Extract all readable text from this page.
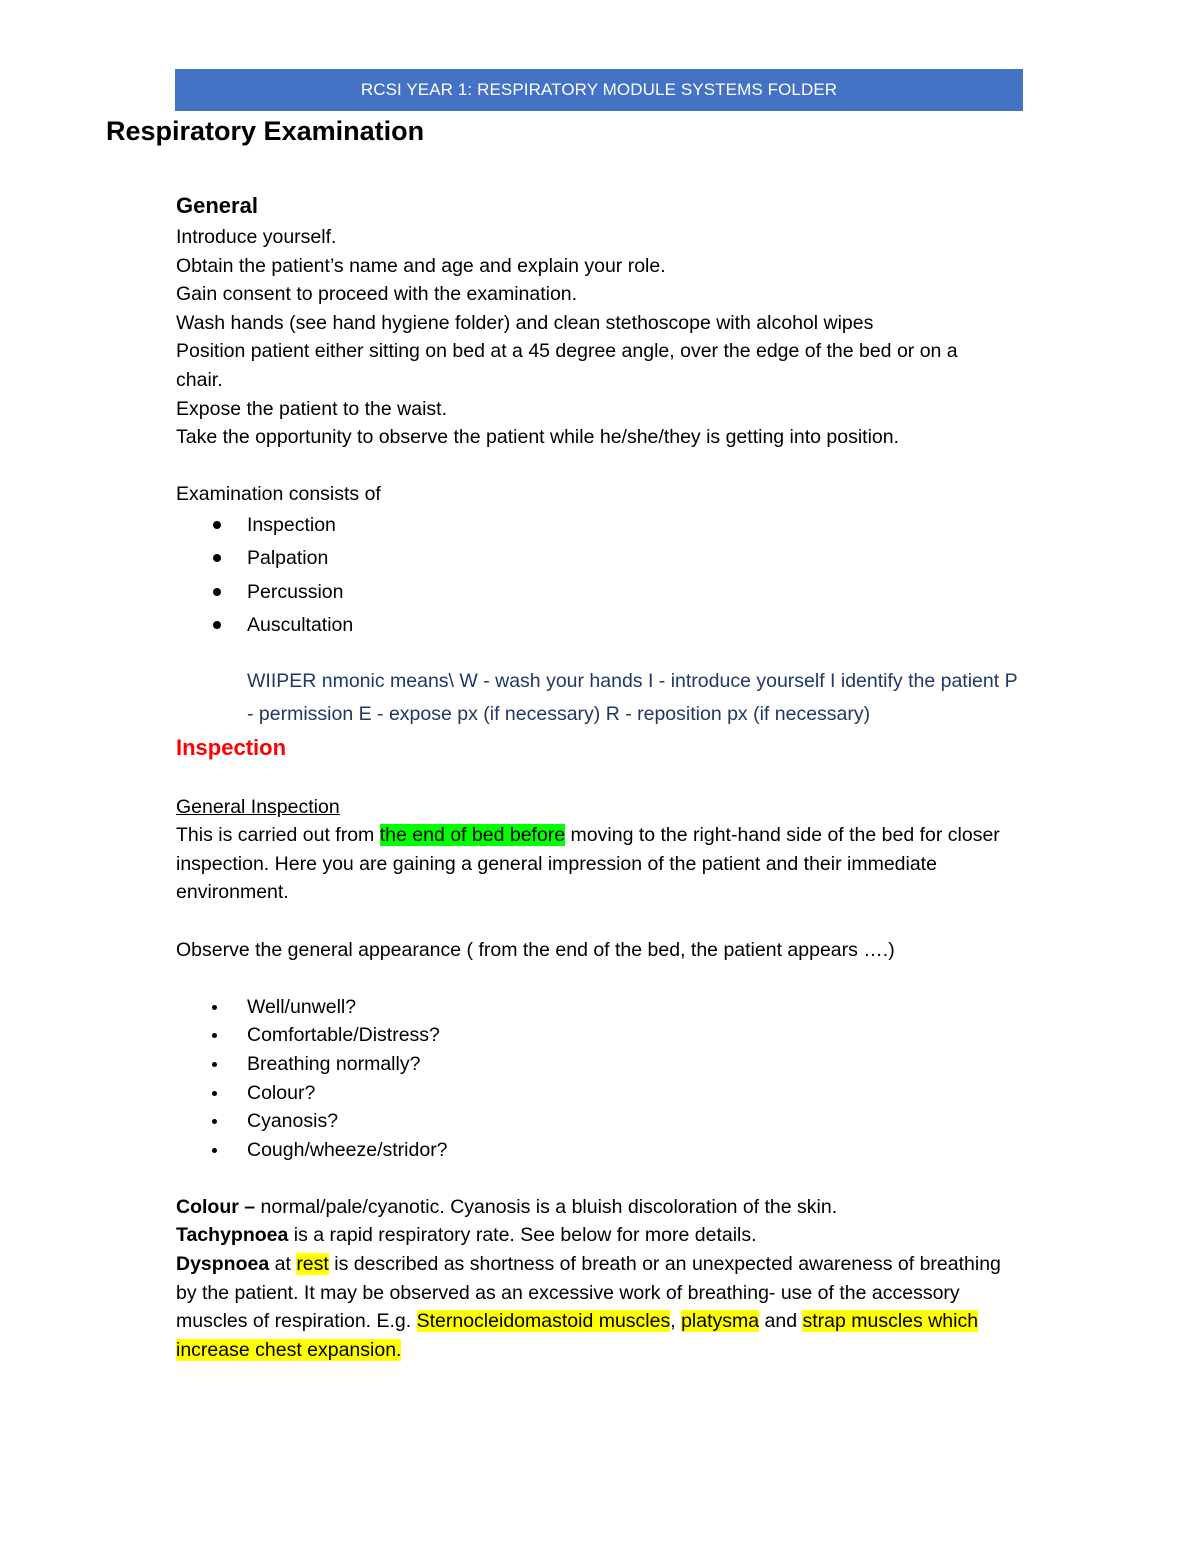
RCSI YEAR 1: RESPIRATORY MODULE SYSTEMS FOLDER
Respiratory Examination
General

Introduce yourself.

Obtain the patient’s name and age and explain your role.

Gain consent to proceed with the examination.

Wash hands (see hand hygiene folder) and clean stethoscope with alcohol wipes

Position patient either sitting on bed at a 45 degree angle, over the edge of the bed or on a chair.

Expose the patient to the waist.

Take the opportunity to observe the patient while he/she/they is getting into position.

Examination consists of

Inspection
Palpation
Percussion
Auscultation

WIIPER nmonic means\ W - wash your hands I - introduce yourself I identify the patient P - permission E - expose px (if necessary) R - reposition px (if necessary)

Inspection

General Inspection

This is carried out from the end of bed before moving to the right-hand side of the bed for closer inspection. Here you are gaining a general impression of the patient and their immediate environment.

Observe the general appearance ( from the end of the bed, the patient appears ….)

Well/unwell?
Comfortable/Distress?
Breathing normally?
Colour?
Cyanosis?
Cough/wheeze/stridor?

Colour – normal/pale/cyanotic. Cyanosis is a bluish discoloration of the skin.

Tachypnoea is a rapid respiratory rate. See below for more details.

Dyspnoea at rest is described as shortness of breath or an unexpected awareness of breathing by the patient. It may be observed as an excessive work of breathing- use of the accessory muscles of respiration. E.g. Sternocleidomastoid muscles, platysma and strap muscles which increase chest expansion.
